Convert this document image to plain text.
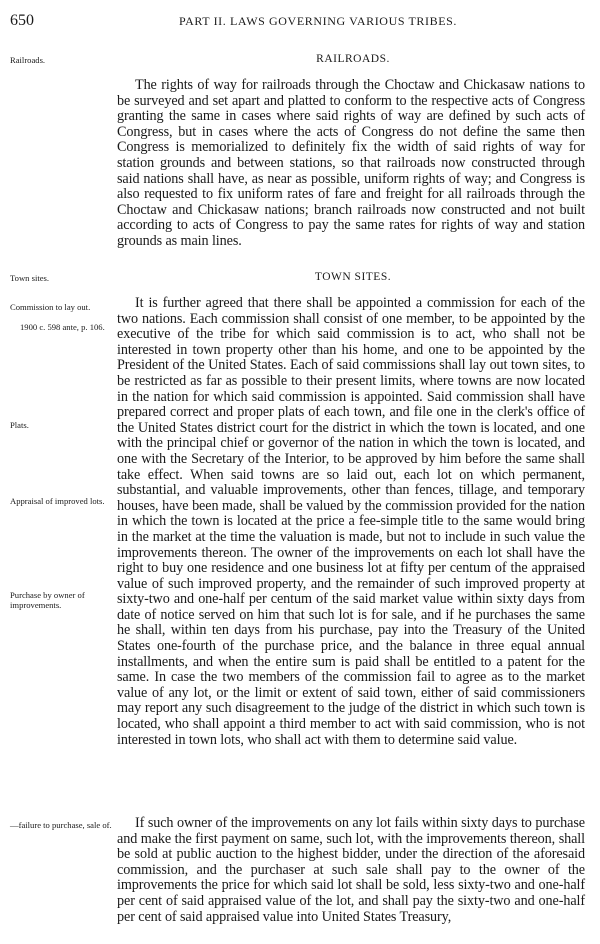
650	PART II. LAWS GOVERNING VARIOUS TRIBES.
Railroads.	RAILROADS.

The rights of way for railroads through the Choctaw and Chickasaw nations to be surveyed and set apart and platted to conform to the respective acts of Congress granting the same in cases where said rights of way are defined by such acts of Congress, but in cases where the acts of Congress do not define the same then Congress is memorialized to definitely fix the width of said rights of way for station grounds and between stations, so that railroads now constructed through said nations shall have, as near as possible, uniform rights of way; and Congress is also requested to fix uniform rates of fare and freight for all railroads through the Choctaw and Chickasaw nations; branch railroads now constructed and not built according to acts of Congress to pay the same rates for rights of way and station grounds as main lines.

Town sites.	TOWN SITES.
Commission to lay out.
1900 c. 598 ante, p. 106.
Plats.
Appraisal of improved lots.
Purchase by owner of improvements.
—failure to purchase, sale of.

It is further agreed that there shall be appointed a commission for each of the two nations. Each commission shall consist of one member, to be appointed by the executive of the tribe for which said commission is to act, who shall not be interested in town property other than his home, and one to be appointed by the President of the United States. Each of said commissions shall lay out town sites, to be restricted as far as possible to their present limits, where towns are now located in the nation for which said commission is appointed. Said commission shall have prepared correct and proper plats of each town, and file one in the clerk's office of the United States district court for the district in which the town is located, and one with the principal chief or governor of the nation in which the town is located, and one with the Secretary of the Interior, to be approved by him before the same shall take effect. When said towns are so laid out, each lot on which permanent, substantial, and valuable improvements, other than fences, tillage, and temporary houses, have been made, shall be valued by the commission provided for the nation in which the town is located at the price a fee-simple title to the same would bring in the market at the time the valuation is made, but not to include in such value the improvements thereon. The owner of the improvements on each lot shall have the right to buy one residence and one business lot at fifty per centum of the appraised value of such improved property, and the remainder of such improved property at sixty-two and one-half per centum of the said market value within sixty days from date of notice served on him that such lot is for sale, and if he purchases the same he shall, within ten days from his purchase, pay into the Treasury of the United States one-fourth of the purchase price, and the balance in three equal annual installments, and when the entire sum is paid shall be entitled to a patent for the same. In case the two members of the commission fail to agree as to the market value of any lot, or the limit or extent of said town, either of said commissioners may report any such disagreement to the judge of the district in which such town is located, who shall appoint a third member to act with said commission, who is not interested in town lots, who shall act with them to determine said value.

If such owner of the improvements on any lot fails within sixty days to purchase and make the first payment on same, such lot, with the improvements thereon, shall be sold at public auction to the highest bidder, under the direction of the aforesaid commission, and the purchaser at such sale shall pay to the owner of the improvements the price for which said lot shall be sold, less sixty-two and one-half per cent of said appraised value of the lot, and shall pay the sixty-two and one-half per cent of said appraised value into United States Treasury,
